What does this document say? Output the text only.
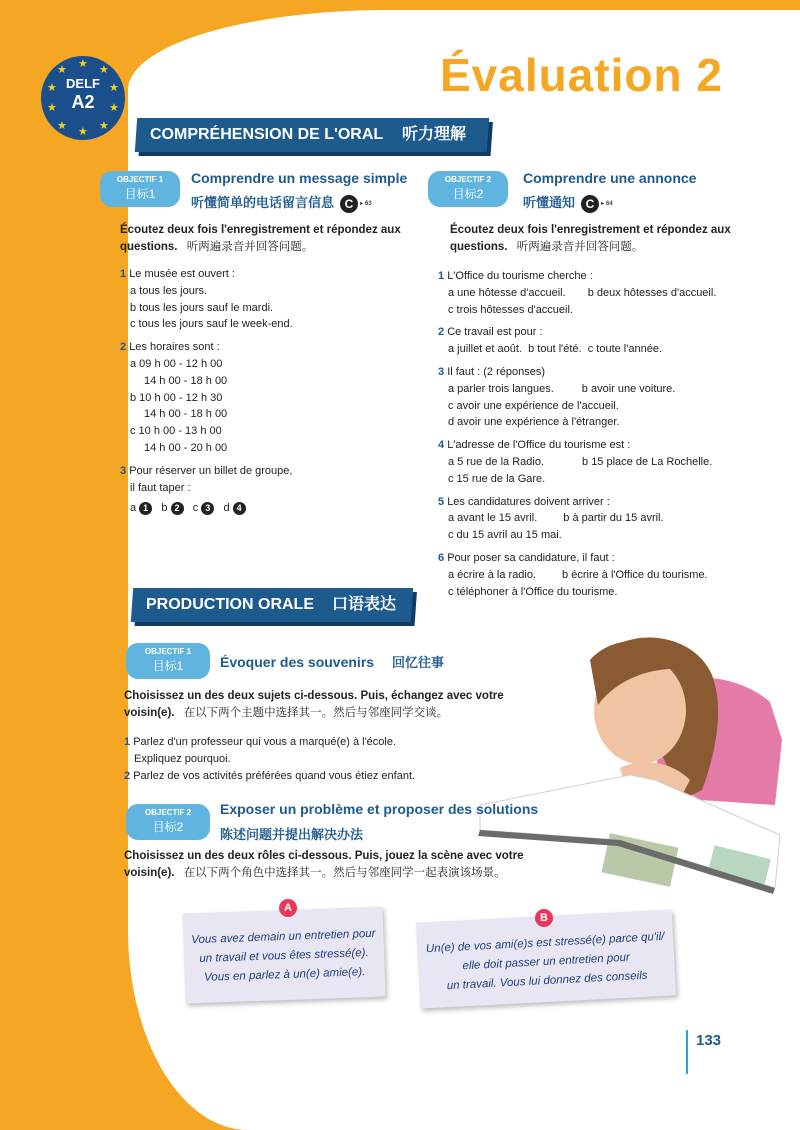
★ ★
★
★
★
★
★
★
★
★
DELF
A2
Évaluation 2
COMPRÉHENSION DE L'ORAL 听力理解
OBJECTIF 1
目标1
Comprendre un message simple
听懂简单的电话留言信息 C ▸ 63
Écoutez deux fois l'enregistrement et répondez aux questions. 听两遍录音并回答问题。
1 Le musée est ouvert :
a tous les jours.
b tous les jours sauf le mardi.
c tous les jours sauf le week-end.
2 Les horaires sont :
a 09 h 00 - 12 h 00
14 h 00 - 18 h 00
b 10 h 00 - 12 h 30
14 h 00 - 18 h 00
c 10 h 00 - 13 h 00
14 h 00 - 20 h 00
3 Pour réserver un billet de groupe,
il faut taper :
a 1 b 2 c 3 d 4
OBJECTIF 2
目标2
Comprendre une annonce
听懂通知 C ▸ 64
Écoutez deux fois l'enregistrement et répondez aux questions. 听两遍录音并回答问题。
1 L'Office du tourisme cherche :
a une hôtesse d'accueil. b deux hôtesses d'accueil.
c trois hôtesses d'accueil.
2 Ce travail est pour :
a juillet et août. b tout l'été. c toute l'année.
3 Il faut : (2 réponses)
a parler trois langues.	b avoir une voiture.
c avoir une expérience de l'accueil.
d avoir une expérience à l'étranger.
4 L'adresse de l'Office du tourisme est :
a 5 rue de la Radio.	b 15 place de La Rochelle.
c 15 rue de la Gare.
5 Les candidatures doivent arriver :
a avant le 15 avril. b à partir du 15 avril.
c du 15 avril au 15 mai.
6 Pour poser sa candidature, il faut :
a écrire à la radio. b écrire à l'Office du tourisme.
c téléphoner à l'Office du tourisme.
PRODUCTION ORALE 口语表达
OBJECTIF 1
目标1	Évoquer des souvenirs 回忆往事
Choisissez un des deux sujets ci-dessous. Puis, échangez avec votre voisin(e). 在以下两个主题中选择其一。然后与邻座同学交谈。
1 Parlez d'un professeur qui vous a marqué(e) à l'école.
Expliquez pourquoi.
2 Parlez de vos activités préférées quand vous étiez enfant.
OBJECTIF 2
目标2
Exposer un problème et proposer des solutions
陈述问题并提出解决办法
Choisissez un des deux rôles ci-dessous. Puis, jouez la scène avec votre voisin(e). 在以下两个角色中选择其一。然后与邻座同学一起表演该场景。
Vous avez demain un entretien pour
un travail et vous êtes stressé(e).
Vous en parlez à un(e) amie(e).
A
Un(e) de vos ami(e)s est stressé(e) parce qu'il/
elle doit passer un entretien pour
un travail. Vous lui donnez des conseils
B
133
